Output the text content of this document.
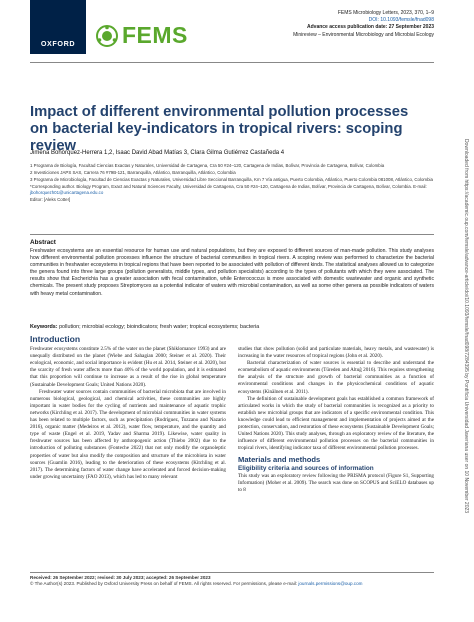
OXFORD FEMS
FEMS Microbiology Letters, 2023, 370, 1–9
DOI: 10.1093/femsle/fnad098
Advance access publication date: 27 September 2023
Minireview – Environmental Microbiology and Microbial Ecology
Impact of different environmental pollution processes on bacterial key-indicators in tropical rivers: scoping review
Jimena Bohórquez-Herrera 1,2, Isaac David Abad Matías 3, Clara Gilma Gutiérrez Castañeda 4

1 Programa de Biología, Facultad Ciencias Exactas y Naturales, Universidad de Cartagena, Cra 50 #24–120, Cartagena de Indias, Bolívar, Provincia de Cartagena, Bolívar, Colombia

2 Investiciones JAPS SAS, Carrera 76 #79B-121, Barranquilla, Atlántico, Barranquilla, Atlántico, Colombia

3 Programa de Microbiología, Facultad de Ciencias Exactas y Naturales, Universidad Libre Seccional Barranquilla, Km 7 Vía antigua, Puerto Colombia, Atlántico, Puerto Colombia 081008, Atlántico, Colombia

*Corresponding author. Biology Program, Exact and Natural Sciences Faculty, Universidad de Cartagena, Cra 50 #24–120, Cartagena de Indias, Bolívar, Provincia de Cartagena, Bolívar, Colombia. E-mail: jbohorquezh01@unicartagena.edu.co

Editor: [Aleks Cotter]

Abstract

Freshwater ecosystems are an essential resource for human use and natural populations, but they are exposed to different sources of man-made pollution. This study analyses how different environmental pollution processes influence the structure of bacterial communities in tropical rivers. A scoping review was performed to characterize the bacterial communities in freshwater ecosystems in tropical regions that have been reported to be associated with pollution of different kinds. The statistical analyses allowed us to categorize the genera found into three large groups (pollution generalists, middle types, and pollution specialists) according to the types of pollutants with which they were associated. The results show that Escherichia has a greater association with fecal contamination, while Enterococcus is more associated with domestic wastewater and organic and synthetic chemicals. The present study proposes Streptomyces as a potential indicator of waters with microbial contamination, as well as some other genera as possible indicators of waters with heavy metal contamination.

Keywords: pollution; microbial ecology; bioindicators; fresh water; tropical ecosystems; bacteria
Introduction

Freshwater ecosystems constitute 2.5% of the water on the planet (Shiklomanov 1993) and are unequally distributed on the planet (Wiebe and Sahagian 2000; Steiner et al. 2020). Their ecological, economic, and social importance is evident (Hu et al. 2014, Steiner et al. 2020), but the scarcity of fresh water affects more than 40% of the world population, and it is estimated that this proportion will continue to increase as a result of the rise in global temperature (Sustainable Development Goals; United Nations 2020).

Freshwater water sources contain communities of bacterial microbiota that are involved in numerous biological, geological, and chemical activities, these communities are highly important in water bodies for the cycling of nutrients and maintenance of aquatic trophic networks (Kirchling et al. 2017). The development of microbial communities in water systems has been related to multiple factors, such as precipitation (Rodríguez, Tozzano and Nazario 2016), organic matter (Medeiros et al. 2012), water flow, temperature, and the quantity and type of waste (Engel et al. 2019, Yadav and Sharma 2019). Likewise, water quality in freshwater sources has been affected by anthropogenic action (Thiebo 2002) due to the introduction of polluting substances (Fonteche 2022) that not only modify the organoleptic properties of water but also modify the composition and structure of the microbiota in water sources (Guamlin 2016), leading to the deterioration of these ecosystems (Kitchling et al. 2017). The determining factors of water change have accelerated and forced decision-making under growing uncertainty (FAO 2013), which has led to many relevant

studies that show pollution (solid and particulate materials, heavy metals, and wastewater) is increasing in the water resources of tropical regions (John et al. 2020).

Bacterial characterization of water sources is essential to describe and understand the ecometabolism of aquatic environments (Türeden and Altuğ 2016). This requires strengthening the analysis of the structure and growth of bacterial communities as a function of environmental conditions and changes in the physicochemical conditions of aquatic ecosystems (Kinälnen et al. 2011).

The definition of sustainable development goals has established a common framework of articulated works in which the study of bacterial communities is recognized as a priority to establish new microbial groups that are indicators of a specific environmental condition. This knowledge could lead to efficient management and implementation of projects aimed at the protection, conservation, and restoration of these ecosystems (Sustainable Development Goals; United Nations 2020). This study analyses, through an exploratory review of the literature, the influence of different environmental pollution processes on the bacterial communities in tropical rivers, identifying indicator taxa of different environmental pollution processes.

Materials and methods
Eligibility criteria and sources of information

This study was an exploratory review following the PRISMA protocol (Figure S1, Supporting Information) (Moher et al. 2009). The search was done on SCOPUS and SciELO databases up to 8

Received: 26 September 2022; revised: 30 July 2023; accepted: 26 September 2023

© The Author(s) 2023. Published by Oxford University Press on behalf of FEMS. All rights reserved. For permissions, please e-mail: journals.permissions@oup.com

Downloaded from https://academic.oup.com/femsle/advance-article/doi/10.1093/femsle/fnad098/7284395 by Pontificia Universidad Javeriana user on 10 November 2023
